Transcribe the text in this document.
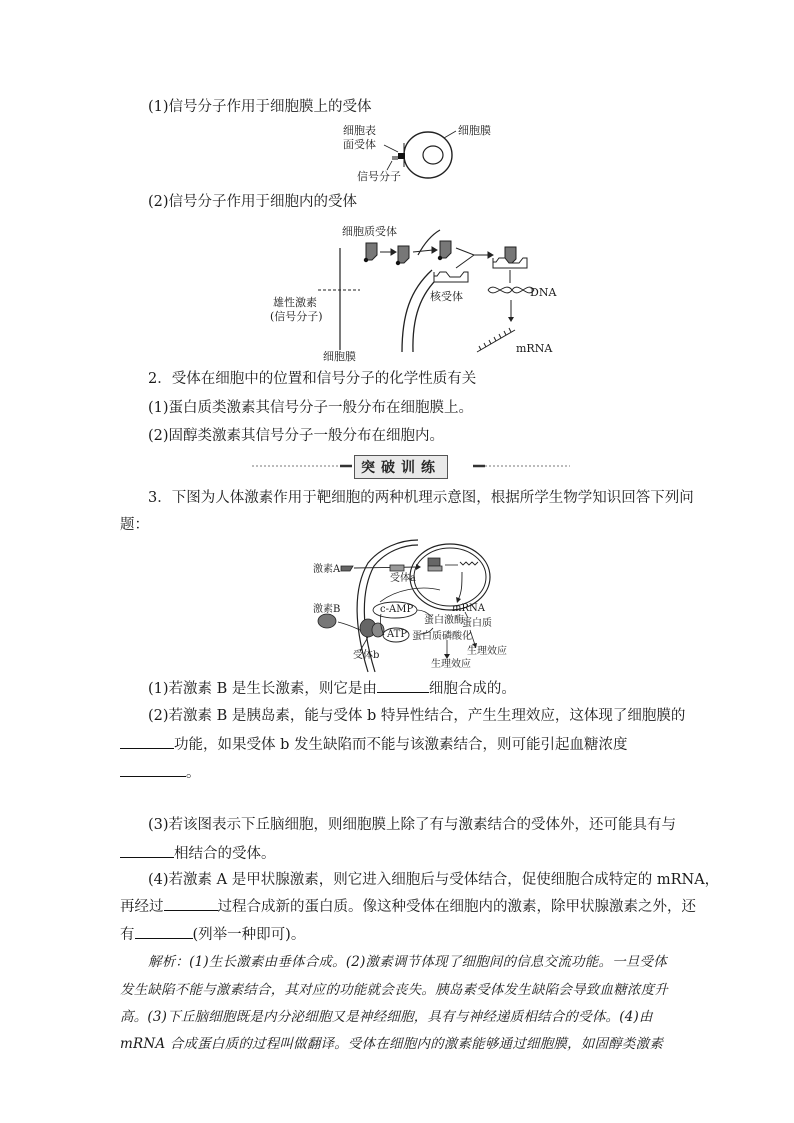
(1)信号分子作用于细胞膜上的受体
细胞表
面受体
细胞膜
信号分子
(2)信号分子作用于细胞内的受体
细胞质受体
雄性激素
(信号分子)
核受体	DNA
细胞膜
mRNA
2．受体在细胞中的位置和信号分子的化学性质有关
(1)蛋白质类激素其信号分子一般分布在细胞膜上。
(2)固醇类激素其信号分子一般分布在细胞内。
突破训练
3．下图为人体激素作用于靶细胞的两种机理示意图，根据所学生物学知识回答下列问
题：
激素A
受体a
mRNA
激素B	c-AMP
蛋白激酶
蛋白质
ATP 蛋白质磷酸化
生理效应
受体b
生理效应
(1)若激素 B 是生长激素，则它是由	细胞合成的。
(2)若激素 B 是胰岛素，能与受体 b 特异性结合，产生生理效应，这体现了细胞膜的
功能，如果受体 b 发生缺陷而不能与该激素结合，则可能引起血糖浓度
。
(3)若该图表示下丘脑细胞，则细胞膜上除了有与激素结合的受体外，还可能具有与
相结合的受体。
(4)若激素 A 是甲状腺激素，则它进入细胞后与受体结合，促使细胞合成特定的 mRNA，
再经过	过程合成新的蛋白质。像这种受体在细胞内的激素，除甲状腺激素之外，还
有	(列举一种即可)。
解析：(1)生长激素由垂体合成。(2)激素调节体现了细胞间的信息交流功能。一旦受体
发生缺陷不能与激素结合，其对应的功能就会丧失。胰岛素受体发生缺陷会导致血糖浓度升
高。(3)下丘脑细胞既是内分泌细胞又是神经细胞，具有与神经递质相结合的受体。(4)由
mRNA 合成蛋白质的过程叫做翻译。受体在细胞内的激素能够通过细胞膜，如固醇类激素
